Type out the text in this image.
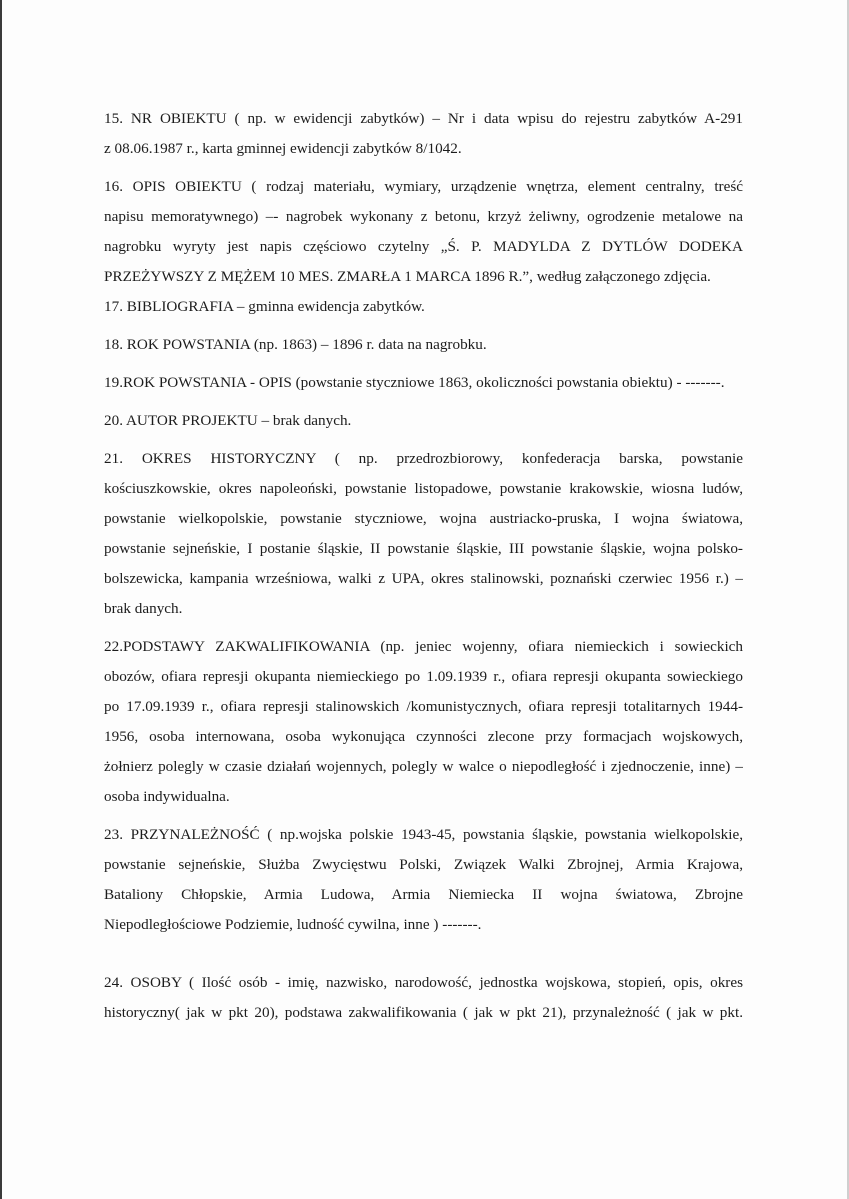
15. NR OBIEKTU ( np. w ewidencji zabytków) – Nr i data wpisu do rejestru zabytków A-291
z 08.06.1987 r., karta gminnej ewidencji zabytków 8/1042.
16. OPIS OBIEKTU ( rodzaj materiału, wymiary, urządzenie wnętrza, element centralny, treść
napisu memoratywnego) –- nagrobek wykonany z betonu, krzyż żeliwny, ogrodzenie metalowe na
nagrobku wyryty jest napis częściowo czytelny „Ś. P. MADYLDA Z DYTLÓW DODEKA
PRZEŻYWSZY Z MĘŻEM 10 MES. ZMARŁA 1 MARCA 1896 R.”, według załączonego zdjęcia.
17. BIBLIOGRAFIA – gminna ewidencja zabytków.
18. ROK POWSTANIA (np. 1863) – 1896 r. data na nagrobku.
19.ROK POWSTANIA - OPIS (powstanie styczniowe 1863, okoliczności powstania obiektu) - -------.
20. AUTOR PROJEKTU – brak danych.
21. OKRES HISTORYCZNY ( np. przedrozbiorowy, konfederacja barska, powstanie
kościuszkowskie, okres napoleoński, powstanie listopadowe, powstanie krakowskie, wiosna ludów,
powstanie wielkopolskie, powstanie styczniowe, wojna austriacko-pruska, I wojna światowa,
powstanie sejneńskie, I postanie śląskie, II powstanie śląskie, III powstanie śląskie, wojna polsko-
bolszewicka, kampania wrześniowa, walki z UPA, okres stalinowski, poznański czerwiec 1956 r.) –
brak danych.
22.PODSTAWY ZAKWALIFIKOWANIA (np. jeniec wojenny, ofiara niemieckich i sowieckich
obozów, ofiara represji okupanta niemieckiego po 1.09.1939 r., ofiara represji okupanta sowieckiego
po 17.09.1939 r., ofiara represji stalinowskich /komunistycznych, ofiara represji totalitarnych 1944-
1956, osoba internowana, osoba wykonująca czynności zlecone przy formacjach wojskowych,
żołnierz polegly w czasie działań wojennych, polegly w walce o niepodległość i zjednoczenie, inne) –
osoba indywidualna.
23. PRZYNALEŻNOŚĆ ( np.wojska polskie 1943-45, powstania śląskie, powstania wielkopolskie,
powstanie sejneńskie, Służba Zwycięstwu Polski, Związek Walki Zbrojnej, Armia Krajowa,
Bataliony Chłopskie, Armia Ludowa, Armia Niemiecka II wojna światowa, Zbrojne
Niepodległościowe Podziemie, ludność cywilna, inne ) -------.
24. OSOBY ( Ilość osób - imię, nazwisko, narodowość, jednostka wojskowa, stopień, opis, okres
historyczny( jak w pkt 20), podstawa zakwalifikowania ( jak w pkt 21), przynależność ( jak w pkt.
